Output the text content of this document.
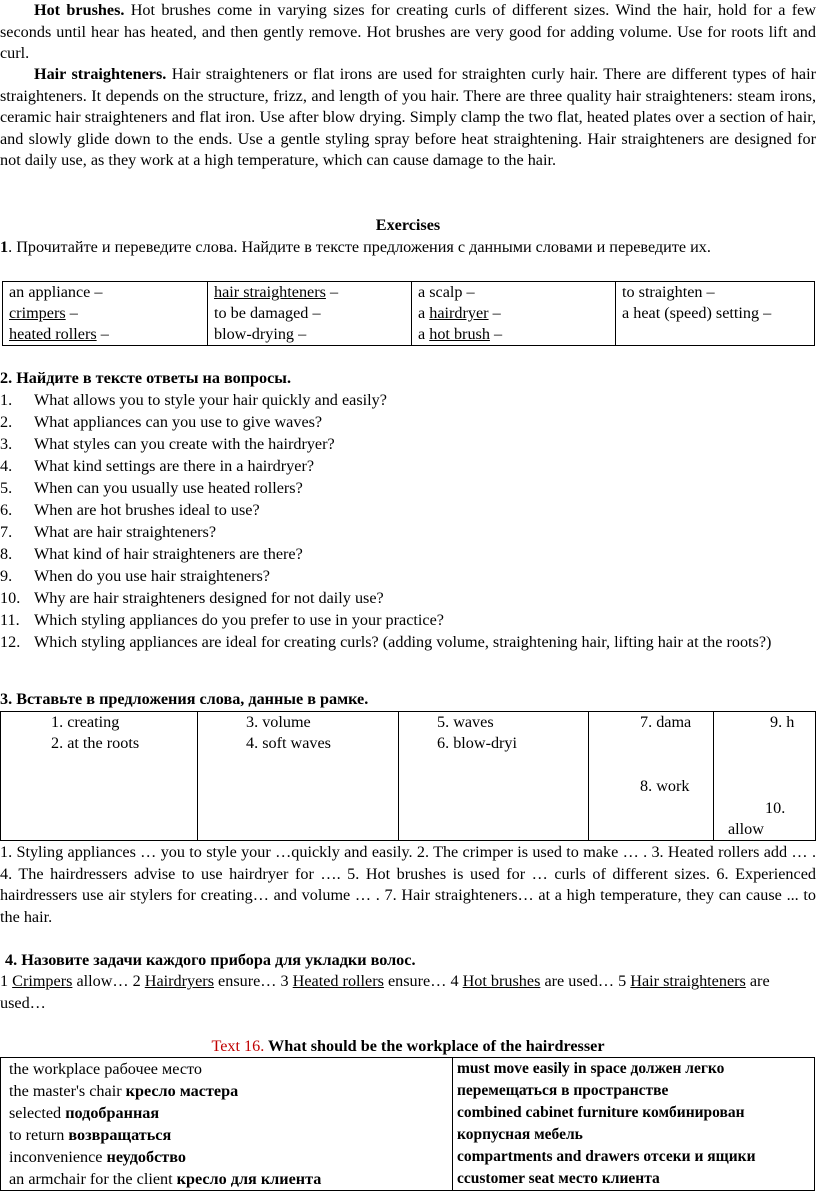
Hot brushes. Hot brushes come in varying sizes for creating curls of different sizes. Wind the hair, hold for a few seconds until hear has heated, and then gently remove. Hot brushes are very good for adding volume. Use for roots lift and curl.

Hair straighteners. Hair straighteners or flat irons are used for straighten curly hair. There are different types of hair straighteners. It depends on the structure, frizz, and length of you hair. There are three quality hair straighteners: steam irons, ceramic hair straighteners and flat iron. Use after blow drying. Simply clamp the two flat, heated plates over a section of hair, and slowly glide down to the ends. Use a gentle styling spray before heat straightening. Hair straighteners are designed for not daily use, as they work at a high temperature, which can cause damage to the hair.

Exercises

1. Прочитайте и переведите слова. Найдите в тексте предложения с данными словами и переведите их.

an appliance –
crimpers –
heated rollers –

hair straighteners –
to be damaged –
blow-drying –

a scalp –
a hairdryer –
a hot brush –

to straighten –
a heat (speed) setting –
2. Найдите в тексте ответы на вопросы.
1. What allows you to style your hair quickly and easily?
2. What appliances can you use to give waves?
3. What styles can you create with the hairdryer?
4. What kind settings are there in a hairdryer?
5. When can you usually use heated rollers?
6. When are hot brushes ideal to use?
7. What are hair straighteners?
8. What kind of hair straighteners are there?
9. When do you use hair straighteners?
10. Why are hair straighteners designed for not daily use?
11. Which styling appliances do you prefer to use in your practice?
12. Which styling appliances are ideal for creating curls? (adding volume, straightening hair, lifting hair at the roots?)
3. Вставьте в предложения слова, данные в рамке.
1. creating
2. at the roots

3. volume
4. soft waves

5. waves
6. blow-dryi

7. dama
8. work

9. h
10.
allow

1. Styling appliances … you to style your …quickly and easily. 2. The crimper is used to make … . 3. Heated rollers add … . 4. The hairdressers advise to use hairdryer for …. 5. Hot brushes is used for … curls of different sizes. 6. Experienced hairdressers use air stylers for creating… and volume … . 7. Hair straighteners… at a high temperature, they can cause ... to the hair.

4. Назовите задачи каждого прибора для укладки волос.

1 Crimpers allow… 2 Hairdryers ensure… 3 Heated rollers ensure… 4 Hot brushes are used… 5 Hair straighteners are used…

Text 16. What should be the workplace of the hairdresser
the workplace рабочее место
the master's chair кресло мастера
selected подобранная
to return возвращаться
inconvenience неудобство
an armchair for the client кресло для клиента

must move easily in space должен легко
перемещаться в пространстве
combined cabinet furniture комбинирован
корпусная мебель
compartments and drawers отсеки и ящики
ccustomer seat место клиента
